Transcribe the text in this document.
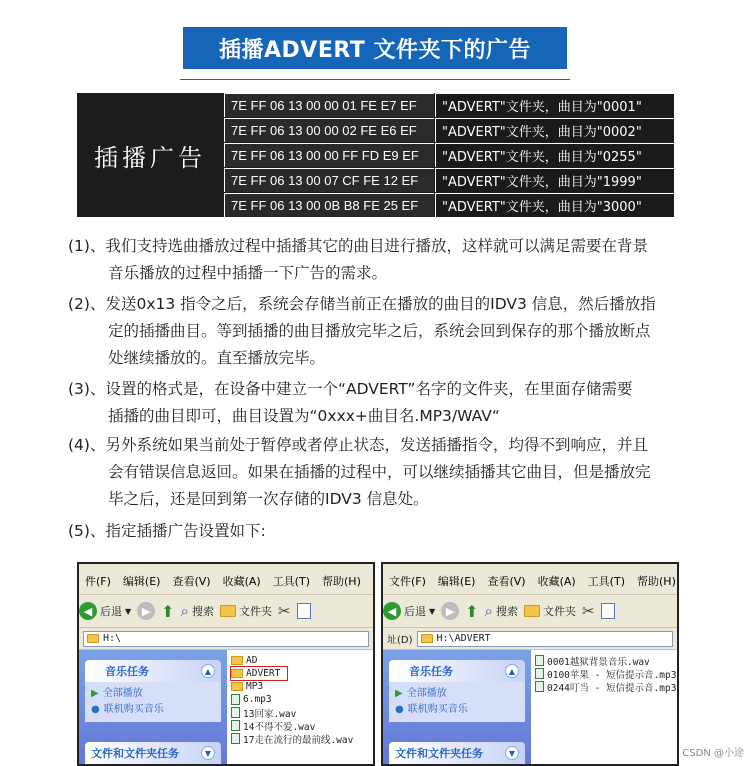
插播ADVERT 文件夹下的广告
插播广告
7E FF 06 13 00 00 01 FE E7 EF	"ADVERT"文件夹，曲目为"0001"
7E FF 06 13 00 00 02 FE E6 EF	"ADVERT"文件夹，曲目为"0002"
7E FF 06 13 00 00 FF FD E9 EF	"ADVERT"文件夹，曲目为"0255"
7E FF 06 13 00 07 CF FE 12 EF	"ADVERT"文件夹，曲目为"1999"
7E FF 06 13 00 0B B8 FE 25 EF	"ADVERT"文件夹，曲目为"3000"
(1)、我们支持选曲播放过程中插播其它的曲目进行播放，这样就可以满足需要在背景
音乐播放的过程中插播一下广告的需求。
(2)、发送0x13 指令之后，系统会存储当前正在播放的曲目的IDV3 信息，然后播放指
定的插播曲目。等到插播的曲目播放完毕之后，系统会回到保存的那个播放断点
处继续播放的。直至播放完毕。
(3)、设置的格式是，在设备中建立一个“ADVERT”名字的文件夹，在里面存储需要
插播的曲目即可，曲目设置为“0xxx+曲目名.MP3/WAV“
(4)、另外系统如果当前处于暂停或者停止状态，发送插播指令，均得不到响应，并且
会有错误信息返回。如果在插播的过程中，可以继续插播其它曲目，但是播放完
毕之后，还是回到第一次存储的IDV3 信息处。
(5)、指定插播广告设置如下:
件(F)	编辑(E)	查看(V)	收藏(A)	工具(T)	帮助(H)
◀ 后退 ▼ ▶ ⬆ ⌕ 搜索 文件夹 ✂
H:\
音乐任务	▲
▶ 全部播放
● 联机购买音乐
文件和文件夹任务	▼
AD
ADVERT
MP3
6.mp3
13回家.wav
14不得不爱.wav
17走在流行的最前线.wav
文件(F)	编辑(E)	查看(V)	收藏(A)	工具(T)	帮助(H)
◀ 后退 ▼ ▶ ⬆ ⌕ 搜索 文件夹 ✂
址(D) H:\ADVERT
音乐任务	▲
▶ 全部播放
● 联机购买音乐
文件和文件夹任务	▼
0001越狱背景音乐.wav
0100苹果 - 短信提示音.mp3
0244叮当 - 短信提示音.mp3
CSDN @小途
